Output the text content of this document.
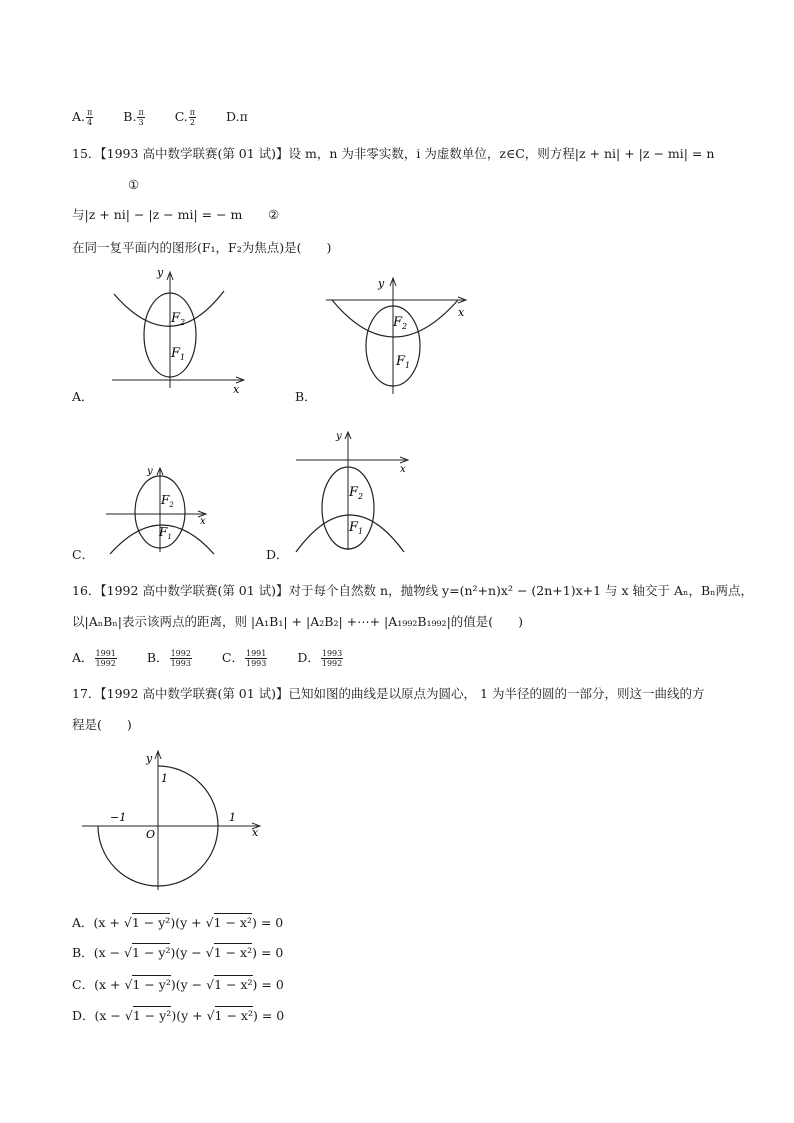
A. $\frac{\pi}{4} B$. $\frac{\pi}{3} C$. $\frac{\pi}{2} D.\pi$
15．【1993 高中数学联赛(第 01 试)】设 m，n 为非零实数，i 为虚数单位，z∈C，则方程|z + ni| + |z − mi| = n
①
与|z + ni| − |z − mi| = − m ②
在同一复平面内的图形(F₁，F₂为焦点)是(　　)
y
x
$F_2$
$F_1$
A．
y
x
$F_2$
$F_1$
B．
y
x
$F_2$
$F_1$
C．
y
x
$F_2$
$F_1$
D．
16．【1992 高中数学联赛(第 01 试)】对于每个自然数 n，抛物线 y=(n²+n)x² − (2n+1)x+1 与 x 轴交于 Aₙ，Bₙ两点，
以|AₙBₙ|表示该两点的距离，则 |A₁B₁| + |A₂B₂| +⋯+ |A₁₉₉₂B₁₉₉₂|的值是(　　)
A． $\frac{1991}{1992}$ B． $\frac{1992}{1993}$ C． $\frac{1991}{1993}$ D． $\frac{1993}{1992}$
17．【1992 高中数学联赛(第 01 试)】已知如图的曲线是以原点为圆心， 1 为半径的圆的一部分，则这一曲线的方
程是(　　)
y
x
1
−1
O
1
A．(x + √1 − y²)(y + √1 − x²) = 0
B．(x − √1 − y²)(y − √1 − x²) = 0
C．(x + √1 − y²)(y − √1 − x²) = 0
D．(x − √1 − y²)(y + √1 − x²) = 0
